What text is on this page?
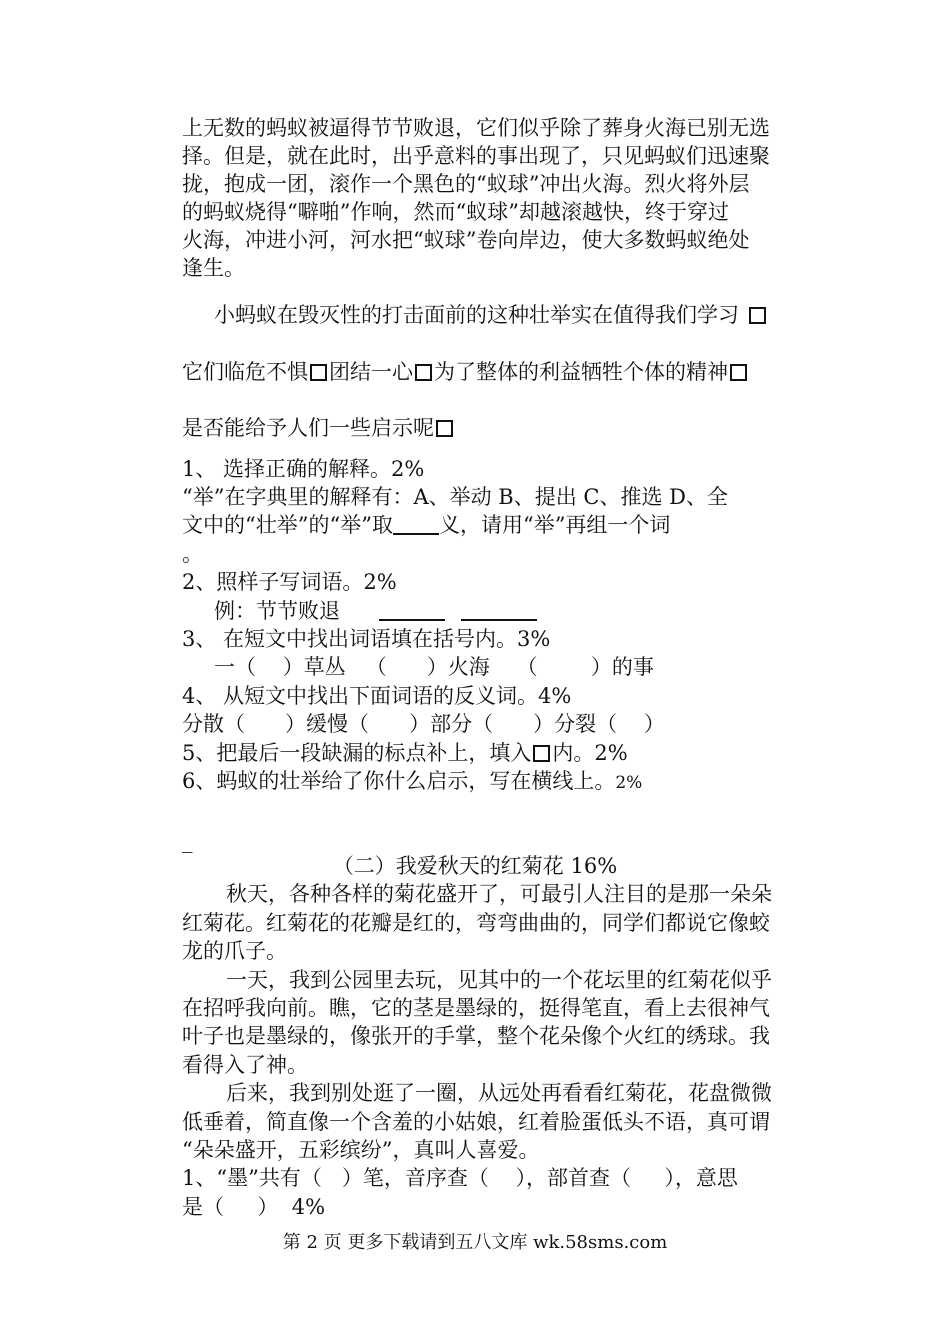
上无数的蚂蚁被逼得节节败退，它们似乎除了葬身火海已别无选
择。但是，就在此时，出乎意料的事出现了，只见蚂蚁们迅速聚
拢，抱成一团，滚作一个黑色的“蚁球”冲出火海。烈火将外层
的蚂蚁烧得“噼啪”作响，然而“蚁球”却越滚越快，终于穿过
火海，冲进小河，河水把“蚁球”卷向岸边，使大多数蚂蚁绝处
逢生。
小蚂蚁在毁灭性的打击面前的这种壮举实在值得我们学习
它们临危不惧 团结一心 为了整体的利益牺牲个体的精神
是否能给予人们一些启示呢
1、 选择正确的解释。2%
“举”在字典里的解释有：A、举动 B、提出 C、推选 D、全
文中的“壮举”的“举”取 义，请用“举”再组一个词
。
2、照样子写词语。2%
例：节节败退
3、 在短文中找出词语填在括号内。3%
一（    ）草丛   （      ）火海    （        ）的事
4、 从短文中找出下面词语的反义词。4%
分散（      ）缓慢（      ）部分（      ）分裂（    ）
5、把最后一段缺漏的标点补上，填入 内。2%
6、蚂蚁的壮举给了你什么启示，写在横线上。2%
_
（二）我爱秋天的红菊花 16%
秋天，各种各样的菊花盛开了，可最引人注目的是那一朵朵
红菊花。红菊花的花瓣是红的，弯弯曲曲的，同学们都说它像蛟
龙的爪子。
一天，我到公园里去玩，见其中的一个花坛里的红菊花似乎
在招呼我向前。瞧，它的茎是墨绿的，挺得笔直，看上去很神气
叶子也是墨绿的，像张开的手掌，整个花朵像个火红的绣球。我
看得入了神。
后来，我到别处逛了一圈，从远处再看看红菊花，花盘微微
低垂着，简直像一个含羞的小姑娘，红着脸蛋低头不语，真可谓
“朵朵盛开，五彩缤纷”，真叫人喜爱。
1、“墨”共有（   ）笔，音序查（    ），部首查（     ），意思
是（     ）  4%
第 2 页 更多下载请到五八文库 wk.58sms.com
